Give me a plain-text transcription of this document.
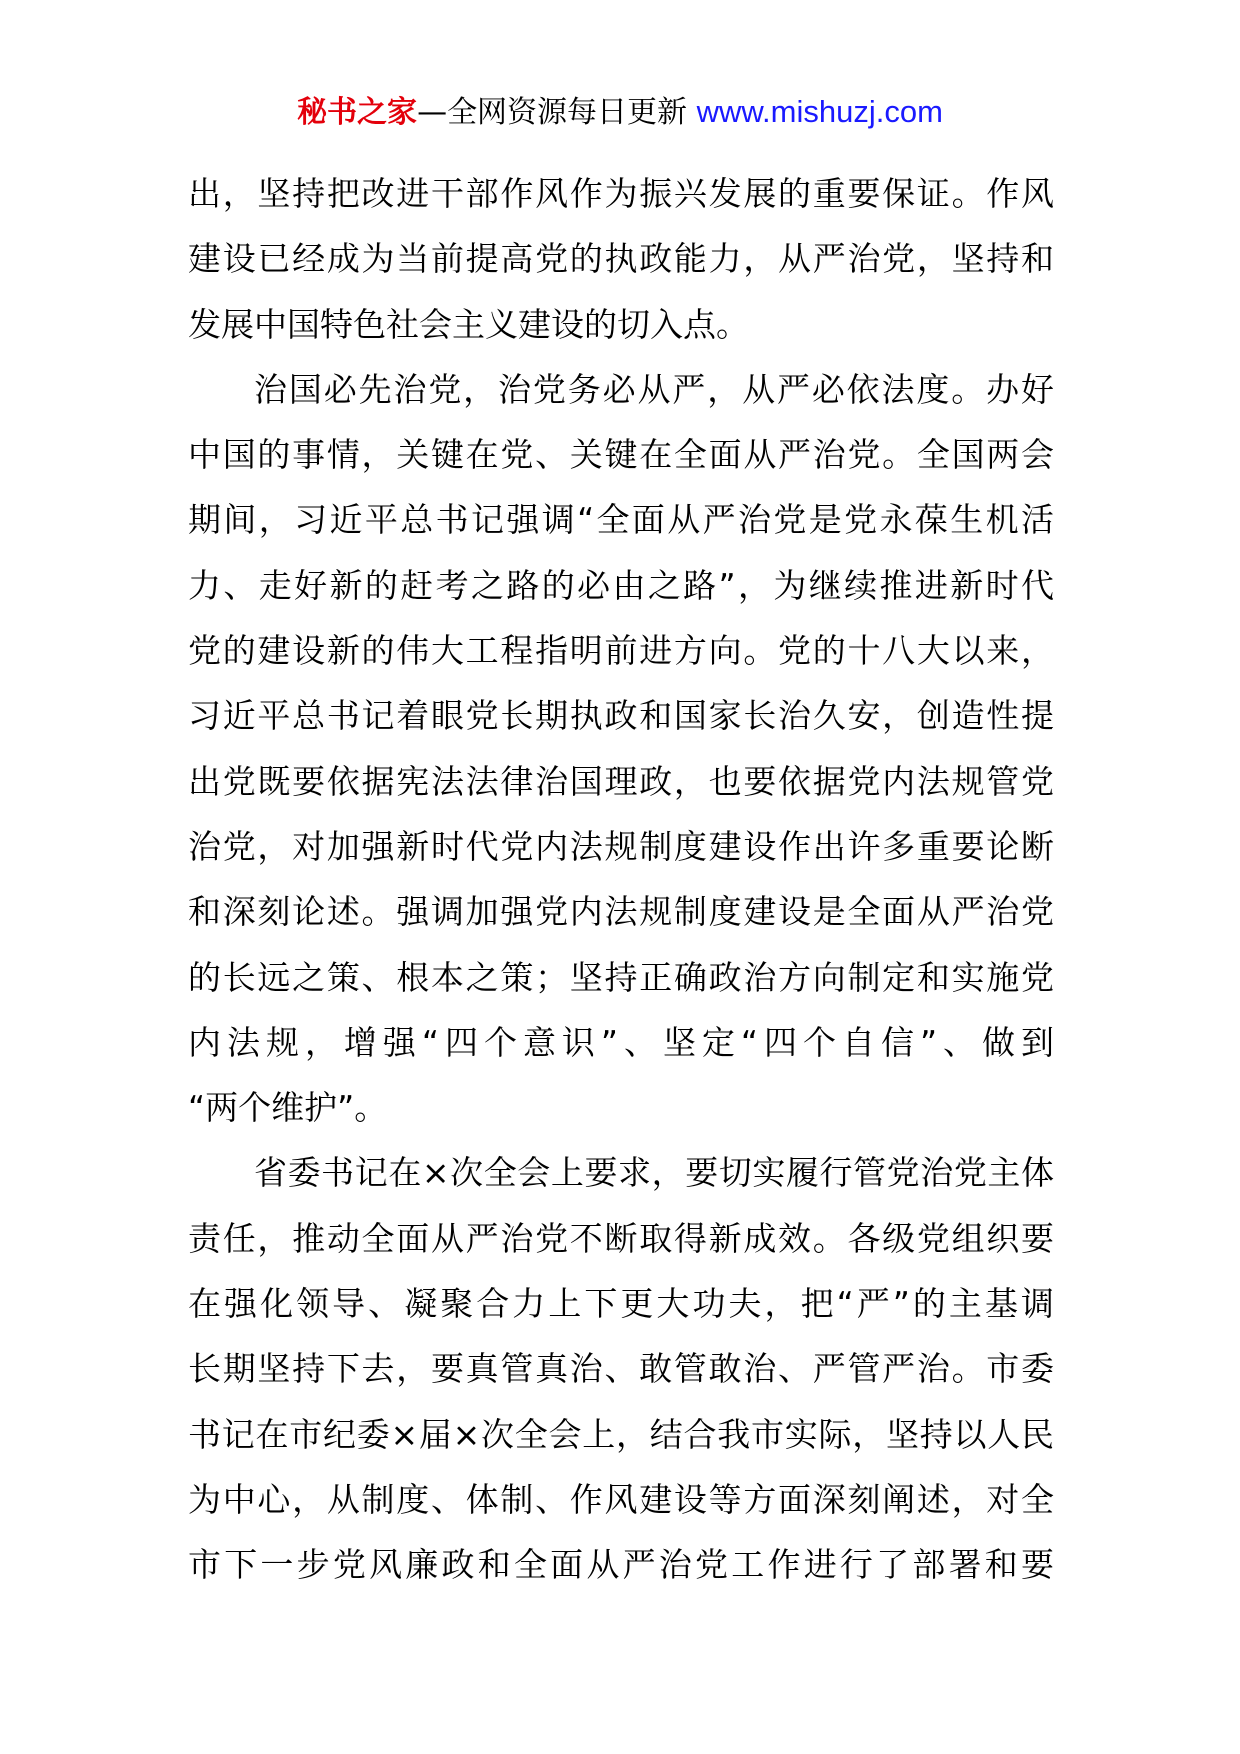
秘书之家—全网资源每日更新 www.mishuzj.com
出，坚持把改进干部作风作为振兴发展的重要保证。作风
建设已经成为当前提高党的执政能力，从严治党，坚持和
发展中国特色社会主义建设的切入点。
治国必先治党，治党务必从严，从严必依法度。办好
中国的事情，关键在党、关键在全面从严治党。全国两会
期间，习近平总书记强调“全面从严治党是党永葆生机活
力、走好新的赶考之路的必由之路”，为继续推进新时代
党的建设新的伟大工程指明前进方向。党的十八大以来，
习近平总书记着眼党长期执政和国家长治久安，创造性提
出党既要依据宪法法律治国理政，也要依据党内法规管党
治党，对加强新时代党内法规制度建设作出许多重要论断
和深刻论述。强调加强党内法规制度建设是全面从严治党
的长远之策、根本之策；坚持正确政治方向制定和实施党
内法规，增强“四个意识”、坚定“四个自信”、做到
“两个维护”。
省委书记在×次全会上要求，要切实履行管党治党主体
责任，推动全面从严治党不断取得新成效。各级党组织要
在强化领导、凝聚合力上下更大功夫，把“严”的主基调
长期坚持下去，要真管真治、敢管敢治、严管严治。市委
书记在市纪委×届×次全会上，结合我市实际，坚持以人民
为中心，从制度、体制、作风建设等方面深刻阐述，对全
市下一步党风廉政和全面从严治党工作进行了部署和要
